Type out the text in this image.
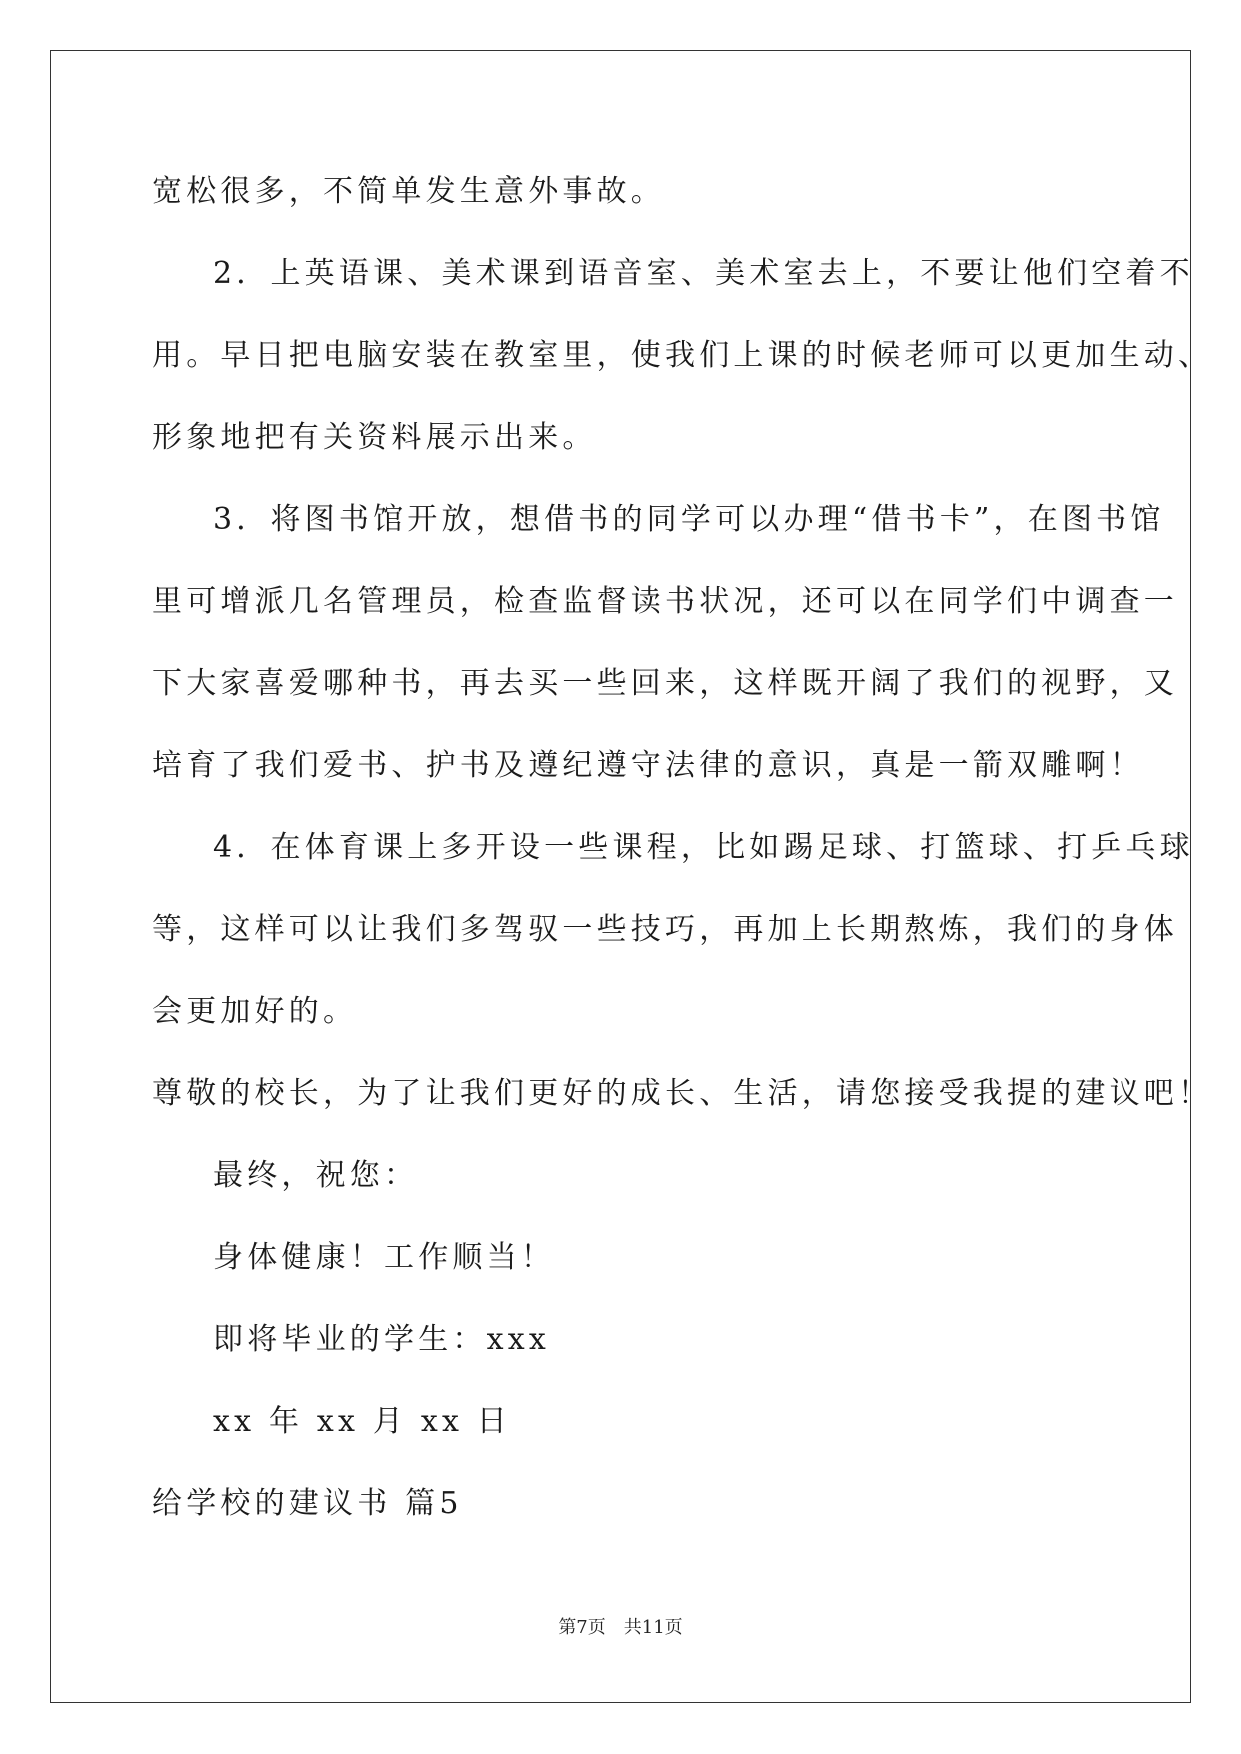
宽松很多，不简单发生意外事故。

2．上英语课、美术课到语音室、美术室去上，不要让他们空着不

用。早日把电脑安装在教室里，使我们上课的时候老师可以更加生动、

形象地把有关资料展示出来。

3．将图书馆开放，想借书的同学可以办理“借书卡”，在图书馆

里可增派几名管理员，检查监督读书状况，还可以在同学们中调查一

下大家喜爱哪种书，再去买一些回来，这样既开阔了我们的视野，又

培育了我们爱书、护书及遵纪遵守法律的意识，真是一箭双雕啊！

4．在体育课上多开设一些课程，比如踢足球、打篮球、打乒乓球

等，这样可以让我们多驾驭一些技巧，再加上长期熬炼，我们的身体

会更加好的。

尊敬的校长，为了让我们更好的成长、生活，请您接受我提的建议吧！

最终，祝您：

身体健康！工作顺当！

即将毕业的学生：xxx

xx 年 xx 月 xx 日

给学校的建议书 篇5

第7页　共11页
